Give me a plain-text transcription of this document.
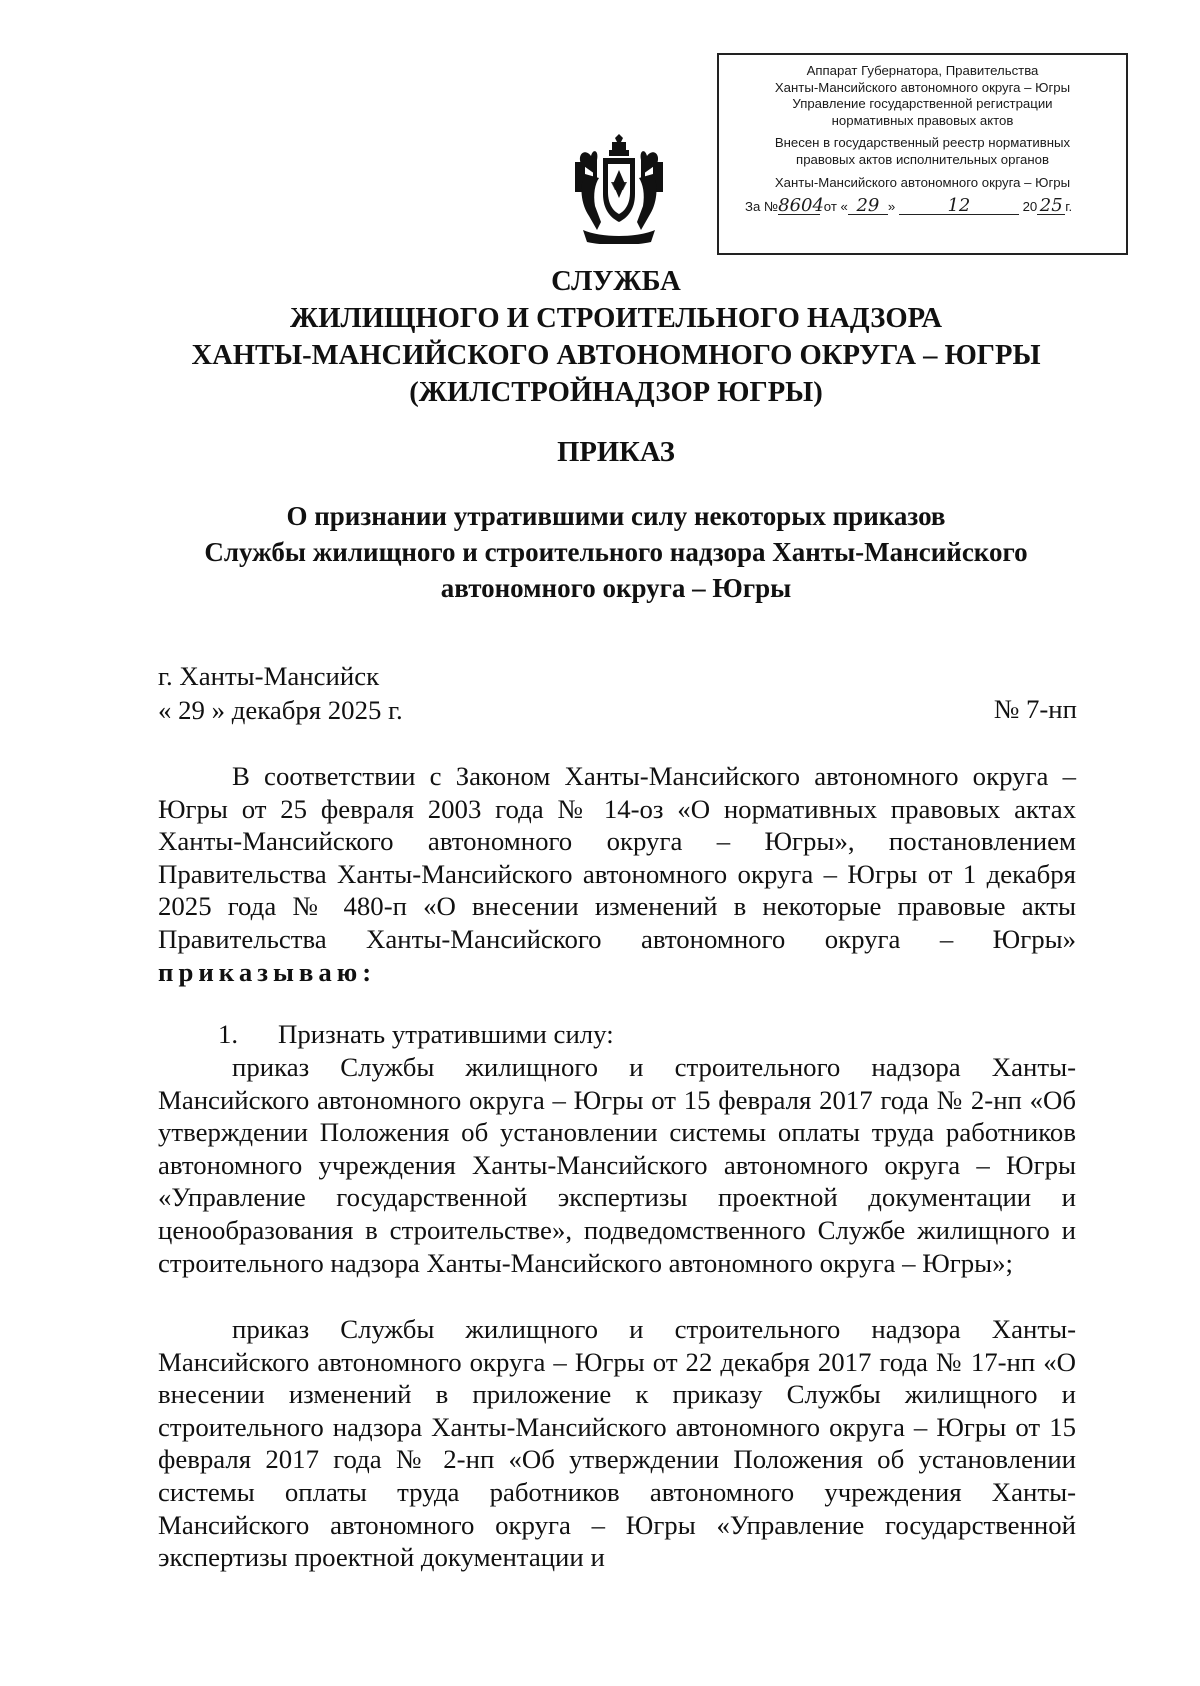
Аппарат Губернатора, Правительства
Ханты-Мансийского автономного округа – Югры
Управление государственной регистрации
нормативных правовых актов
Внесен в государственный реестр нормативных
правовых актов исполнительных органов
Ханты-Мансийского автономного округа – Югры
За №8604 от « 29 »	12	20 25 г.
СЛУЖБА
ЖИЛИЩНОГО И СТРОИТЕЛЬНОГО НАДЗОРА
ХАНТЫ-МАНСИЙСКОГО АВТОНОМНОГО ОКРУГА – ЮГРЫ
(ЖИЛСТРОЙНАДЗОР ЮГРЫ)
ПРИКАЗ
О признании утратившими силу некоторых приказов
Службы жилищного и строительного надзора Ханты-Мансийского
автономного округа – Югры
г. Ханты-Мансийск
« 29 » декабря 2025 г.	№ 7-нп
В соответствии с Законом Ханты-Мансийского автономного округа – Югры от 25 февраля 2003 года № 14-оз «О нормативных правовых актах Ханты-Мансийского автономного округа – Югры», постановлением Правительства Ханты-Мансийского автономного округа – Югры от 1 декабря 2025 года № 480-п «О внесении изменений в некоторые правовые акты Правительства Ханты-Мансийского автономного округа – Югры» приказываю:
1. Признать утратившими силу:
приказ Службы жилищного и строительного надзора Ханты-Мансийского автономного округа – Югры от 15 февраля 2017 года № 2-нп «Об утверждении Положения об установлении системы оплаты труда работников автономного учреждения Ханты-Мансийского автономного округа – Югры «Управление государственной экспертизы проектной документации и ценообразования в строительстве», подведомственного Службе жилищного и строительного надзора Ханты-Мансийского автономного округа – Югры»;
приказ Службы жилищного и строительного надзора Ханты-Мансийского автономного округа – Югры от 22 декабря 2017 года № 17-нп «О внесении изменений в приложение к приказу Службы жилищного и строительного надзора Ханты-Мансийского автономного округа – Югры от 15 февраля 2017 года № 2-нп «Об утверждении Положения об установлении системы оплаты труда работников автономного учреждения Ханты-Мансийского автономного округа – Югры «Управление государственной экспертизы проектной документации и
